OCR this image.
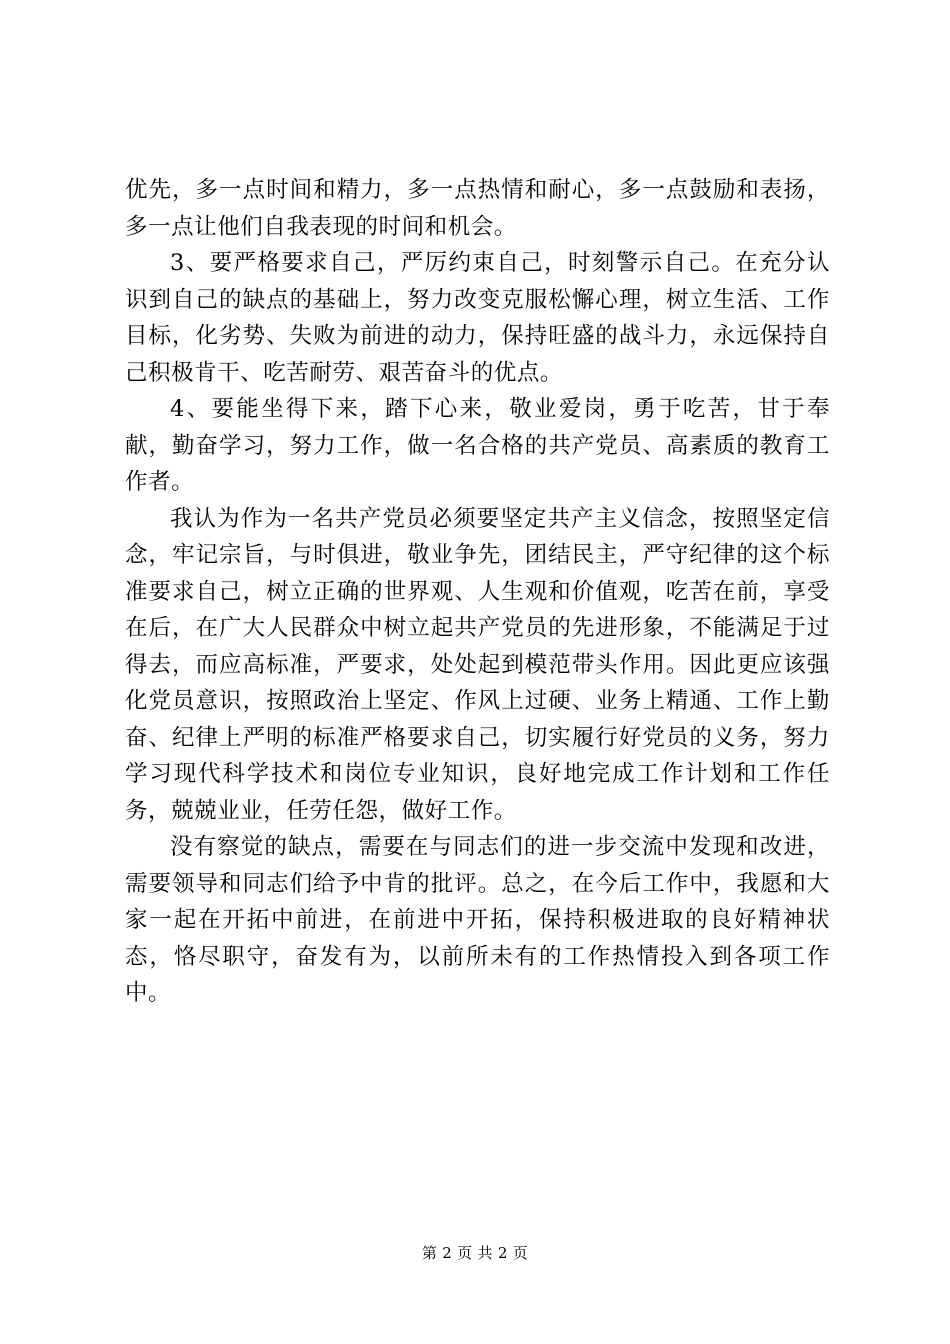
优先，多一点时间和精力，多一点热情和耐心，多一点鼓励和表扬，多一点让他们自我表现的时间和机会。

3、要严格要求自己，严厉约束自己，时刻警示自己。在充分认识到自己的缺点的基础上，努力改变克服松懈心理，树立生活、工作目标，化劣势、失败为前进的动力，保持旺盛的战斗力，永远保持自己积极肯干、吃苦耐劳、艰苦奋斗的优点。

4、要能坐得下来，踏下心来，敬业爱岗，勇于吃苦，甘于奉献，勤奋学习，努力工作，做一名合格的共产党员、高素质的教育工作者。

我认为作为一名共产党员必须要坚定共产主义信念，按照坚定信念，牢记宗旨，与时俱进，敬业争先，团结民主，严守纪律的这个标准要求自己，树立正确的世界观、人生观和价值观，吃苦在前，享受在后，在广大人民群众中树立起共产党员的先进形象，不能满足于过得去，而应高标准，严要求，处处起到模范带头作用。因此更应该强化党员意识，按照政治上坚定、作风上过硬、业务上精通、工作上勤奋、纪律上严明的标准严格要求自己，切实履行好党员的义务，努力学习现代科学技术和岗位专业知识，良好地完成工作计划和工作任务，兢兢业业，任劳任怨，做好工作。

没有察觉的缺点，需要在与同志们的进一步交流中发现和改进，需要领导和同志们给予中肯的批评。总之，在今后工作中，我愿和大家一起在开拓中前进，在前进中开拓，保持积极进取的良好精神状态，恪尽职守，奋发有为，以前所未有的工作热情投入到各项工作中。

第 2 页 共 2 页
